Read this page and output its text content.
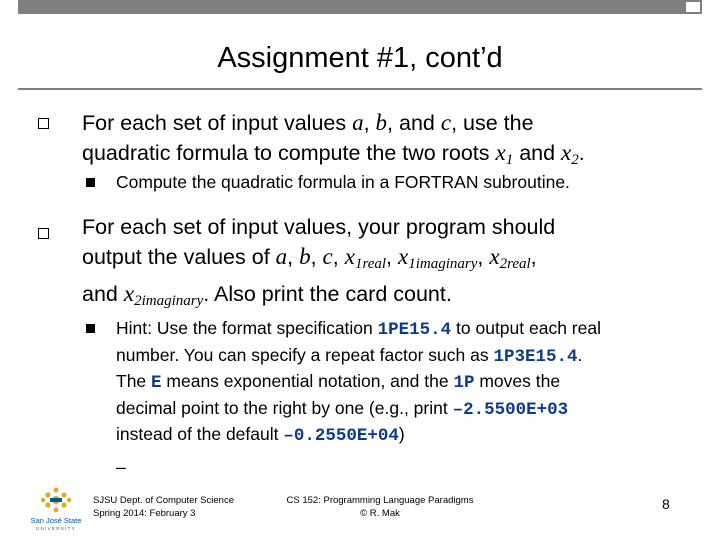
Assignment #1, cont’d
For each set of input values a, b, and c, use the
quadratic formula to compute the two roots x1 and x2.
Compute the quadratic formula in a FORTRAN subroutine.
For each set of input values, your program should
output the values of a, b, c, x1real, x1imaginary, x2real,
and x2imaginary. Also print the card count.
Hint: Use the format specification 1PE15.4 to output each real
number. You can specify a repeat factor such as 1P3E15.4.
The E means exponential notation, and the 1P moves the
decimal point to the right by one (e.g., print –2.5500E+03
instead of the default –0.2550E+04)
–
San José State
UNIVERSITY
SJSU Dept. of Computer Science
Spring 2014: February 3
CS 152: Programming Language Paradigms
© R. Mak
8
